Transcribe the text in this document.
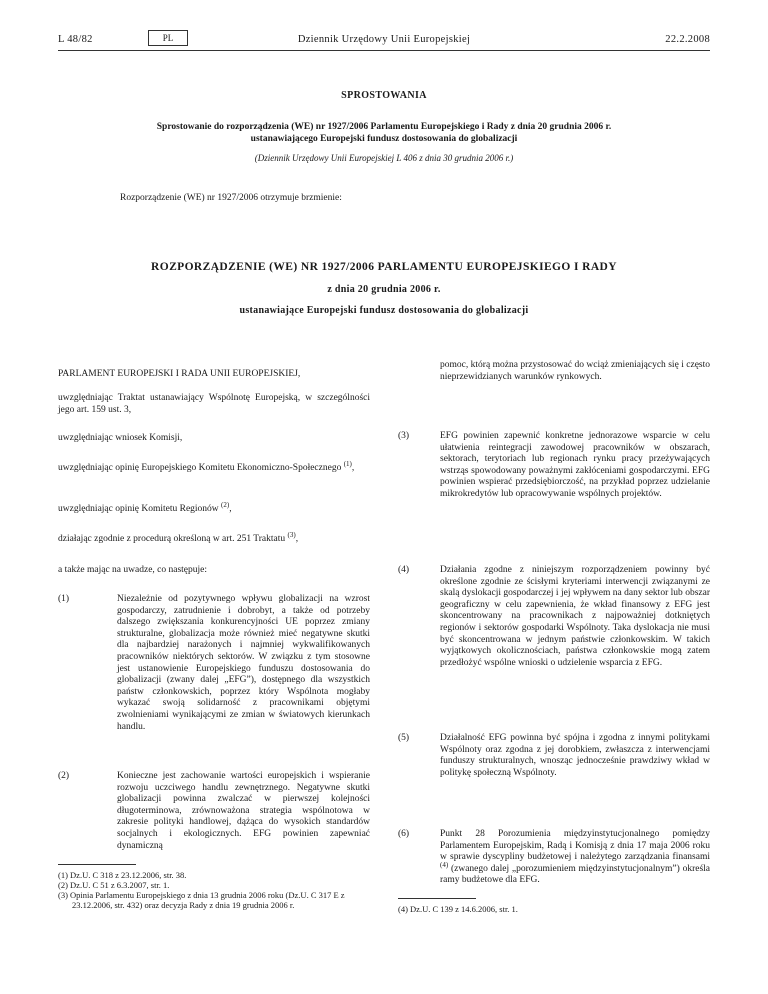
L 48/82	PL	Dziennik Urzędowy Unii Europejskiej	22.2.2008
SPROSTOWANIA
Sprostowanie do rozporządzenia (WE) nr 1927/2006 Parlamentu Europejskiego i Rady z dnia 20 grudnia 2006 r.
ustanawiającego Europejski fundusz dostosowania do globalizacji
(Dziennik Urzędowy Unii Europejskiej L 406 z dnia 30 grudnia 2006 r.)
Rozporządzenie (WE) nr 1927/2006 otrzymuje brzmienie:
ROZPORZĄDZENIE (WE) NR 1927/2006 PARLAMENTU EUROPEJSKIEGO I RADY
z dnia 20 grudnia 2006 r.
ustanawiające Europejski fundusz dostosowania do globalizacji
PARLAMENT EUROPEJSKI I RADA UNII EUROPEJSKIEJ,
uwzględniając Traktat ustanawiający Wspólnotę Europejską, w szczególności jego art. 159 ust. 3,
uwzględniając wniosek Komisji,
uwzględniając opinię Europejskiego Komitetu Ekonomiczno-Społecznego $^{(1)}$,
uwzględniając opinię Komitetu Regionów $^{(2)}$,
działając zgodnie z procedurą określoną w art. 251 Traktatu $^{(3)}$,
a także mając na uwadze, co następuje:
(1)	Niezależnie od pozytywnego wpływu globalizacji na wzrost gospodarczy, zatrudnienie i dobrobyt, a także od potrzeby dalszego zwiększania konkurencyjności UE poprzez zmiany strukturalne, globalizacja może również mieć negatywne skutki dla najbardziej narażonych i najmniej wykwalifikowanych pracowników niektórych sektorów. W związku z tym stosowne jest ustanowienie Europejskiego funduszu dostosowania do globalizacji (zwany dalej „EFG”), dostępnego dla wszystkich państw członkowskich, poprzez który Wspólnota mogłaby wykazać swoją solidarność z pracownikami objętymi zwolnieniami wynikającymi ze zmian w światowych kierunkach handlu.
(2)	Konieczne jest zachowanie wartości europejskich i wspieranie rozwoju uczciwego handlu zewnętrznego. Negatywne skutki globalizacji powinna zwalczać w pierwszej kolejności długoterminowa, zrównoważona strategia wspólnotowa w zakresie polityki handlowej, dążąca do wysokich standardów socjalnych i ekologicznych. EFG powinien zapewniać dynamiczną
(1) Dz.U. C 318 z 23.12.2006, str. 38.
(2) Dz.U. C 51 z 6.3.2007, str. 1.
(3) Opinia Parlamentu Europejskiego z dnia 13 grudnia 2006 roku (Dz.U. C 317 E z 23.12.2006, str. 432) oraz decyzja Rady z dnia 19 grudnia 2006 r.
pomoc, którą można przystosować do wciąż zmieniających się i często nieprzewidzianych warunków rynkowych.
(3)	EFG powinien zapewnić konkretne jednorazowe wsparcie w celu ułatwienia reintegracji zawodowej pracowników w obszarach, sektorach, terytoriach lub regionach rynku pracy przeżywających wstrząs spowodowany poważnymi zakłóceniami gospodarczymi. EFG powinien wspierać przedsiębiorczość, na przykład poprzez udzielanie mikrokredytów lub opracowywanie wspólnych projektów.
(4)	Działania zgodne z niniejszym rozporządzeniem powinny być określone zgodnie ze ścisłymi kryteriami interwencji związanymi ze skalą dyslokacji gospodarczej i jej wpływem na dany sektor lub obszar geograficzny w celu zapewnienia, że wkład finansowy z EFG jest skoncentrowany na pracownikach z najpoważniej dotkniętych regionów i sektorów gospodarki Wspólnoty. Taka dyslokacja nie musi być skoncentrowana w jednym państwie członkowskim. W takich wyjątkowych okolicznościach, państwa członkowskie mogą zatem przedłożyć wspólne wnioski o udzielenie wsparcia z EFG.
(5)	Działalność EFG powinna być spójna i zgodna z innymi politykami Wspólnoty oraz zgodna z jej dorobkiem, zwłaszcza z interwencjami funduszy strukturalnych, wnosząc jednocześnie prawdziwy wkład w politykę społeczną Wspólnoty.
(6)	Punkt 28 Porozumienia międzyinstytucjonalnego pomiędzy Parlamentem Europejskim, Radą i Komisją z dnia 17 maja 2006 roku w sprawie dyscypliny budżetowej i należytego zarządzania finansami $^{(4)}$ (zwanego dalej „porozumieniem międzyinstytucjonalnym”) określa ramy budżetowe dla EFG.
(4) Dz.U. C 139 z 14.6.2006, str. 1.
